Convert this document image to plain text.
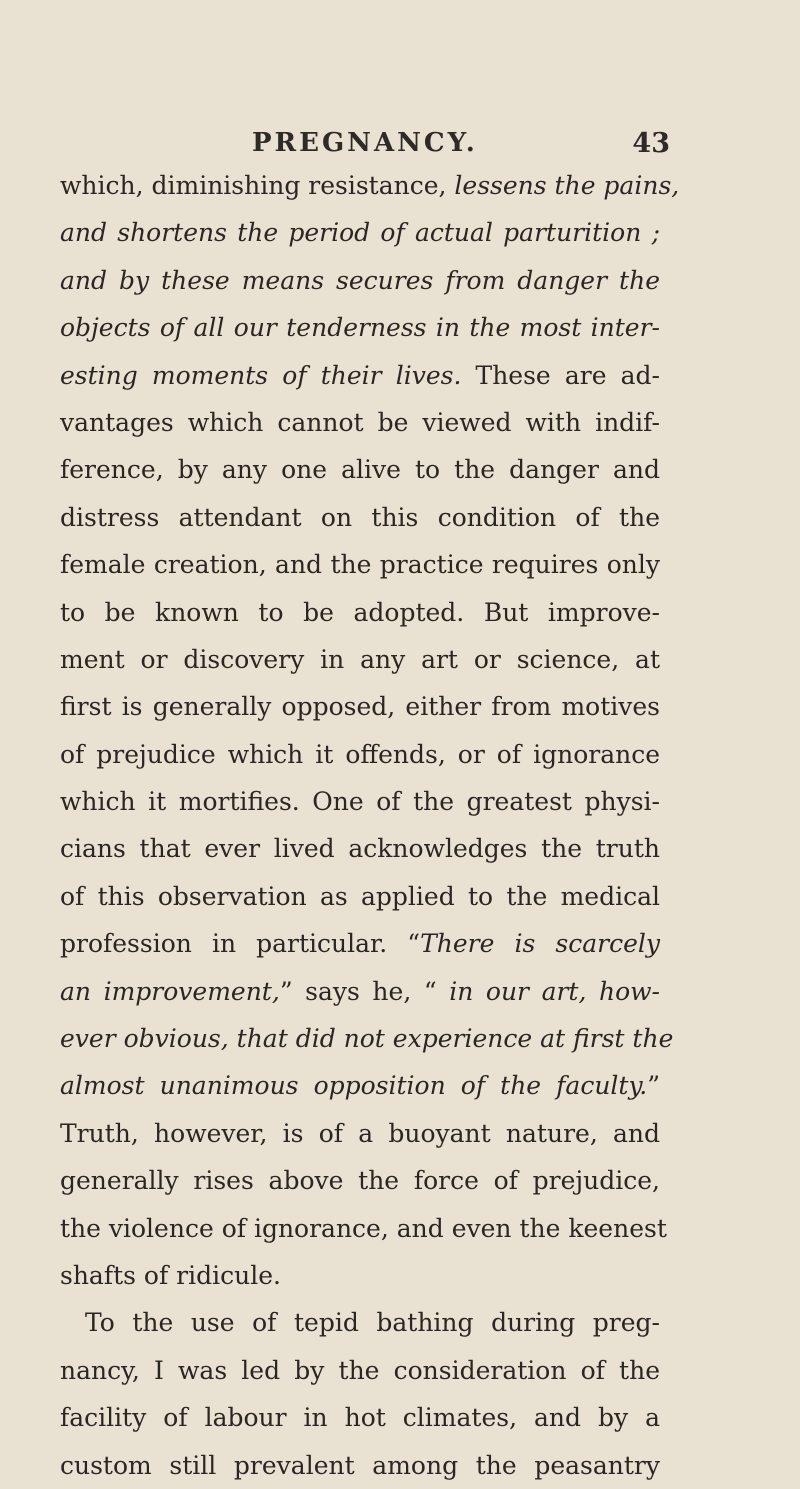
PREGNANCY.	43
which, diminishing resistance, lessens the pains,
and shortens the period of actual parturition ;
and by these means secures from danger the
objects of all our tenderness in the most inter-
esting moments of their lives. These are ad-
vantages which cannot be viewed with indif-
ference, by any one alive to the danger and
distress attendant on this condition of the
female creation, and the practice requires only
to be known to be adopted. But improve-
ment or discovery in any art or science, at
first is generally opposed, either from motives
of prejudice which it offends, or of ignorance
which it mortifies. One of the greatest physi-
cians that ever lived acknowledges the truth
of this observation as applied to the medical
profession in particular. “There is scarcely
an improvement,” says he, “ in our art, how-
ever obvious, that did not experience at first the
almost unanimous opposition of the faculty.”
Truth, however, is of a buoyant nature, and
generally rises above the force of prejudice,
the violence of ignorance, and even the keenest
shafts of ridicule.
To the use of tepid bathing during preg-
nancy, I was led by the consideration of the
facility of labour in hot climates, and by a
custom still prevalent among the peasantry
